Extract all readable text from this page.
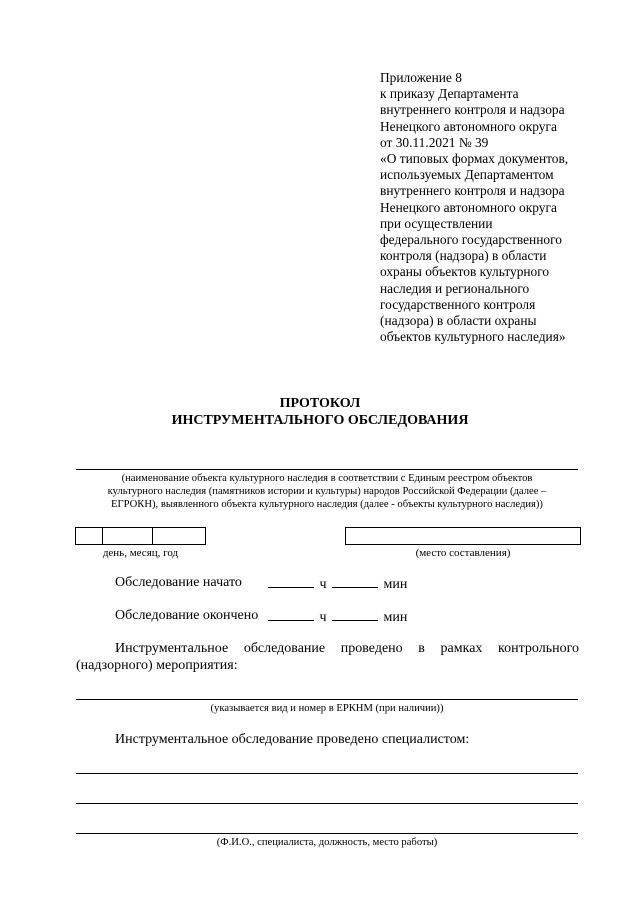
Приложение 8
к приказу Департамента
внутреннего контроля и надзора
Ненецкого автономного округа
от 30.11.2021 № 39
«О типовых формах документов,
используемых Департаментом
внутреннего контроля и надзора
Ненецкого автономного округа
при осуществлении
федерального государственного
контроля (надзора) в области
охраны объектов культурного
наследия и регионального
государственного контроля
(надзора) в области охраны
объектов культурного наследия»
ПРОТОКОЛ
ИНСТРУМЕНТАЛЬНОГО ОБСЛЕДОВАНИЯ
(наименование объекта культурного наследия в соответствии с Единым реестром объектов
культурного наследия (памятников истории и культуры) народов Российской Федерации (далее –
ЕГРОКН), выявленного объекта культурного наследия (далее - объекты культурного наследия))
день, месяц, год	(место составления)
Обследование начато	ч	мин
Обследование окончено	ч	мин
Инструментальное обследование проведено в рамках контрольного
(надзорного) мероприятия:
(указывается вид и номер в ЕРКНМ (при наличии))
Инструментальное обследование проведено специалистом:
(Ф.И.О., специалиста, должность, место работы)
